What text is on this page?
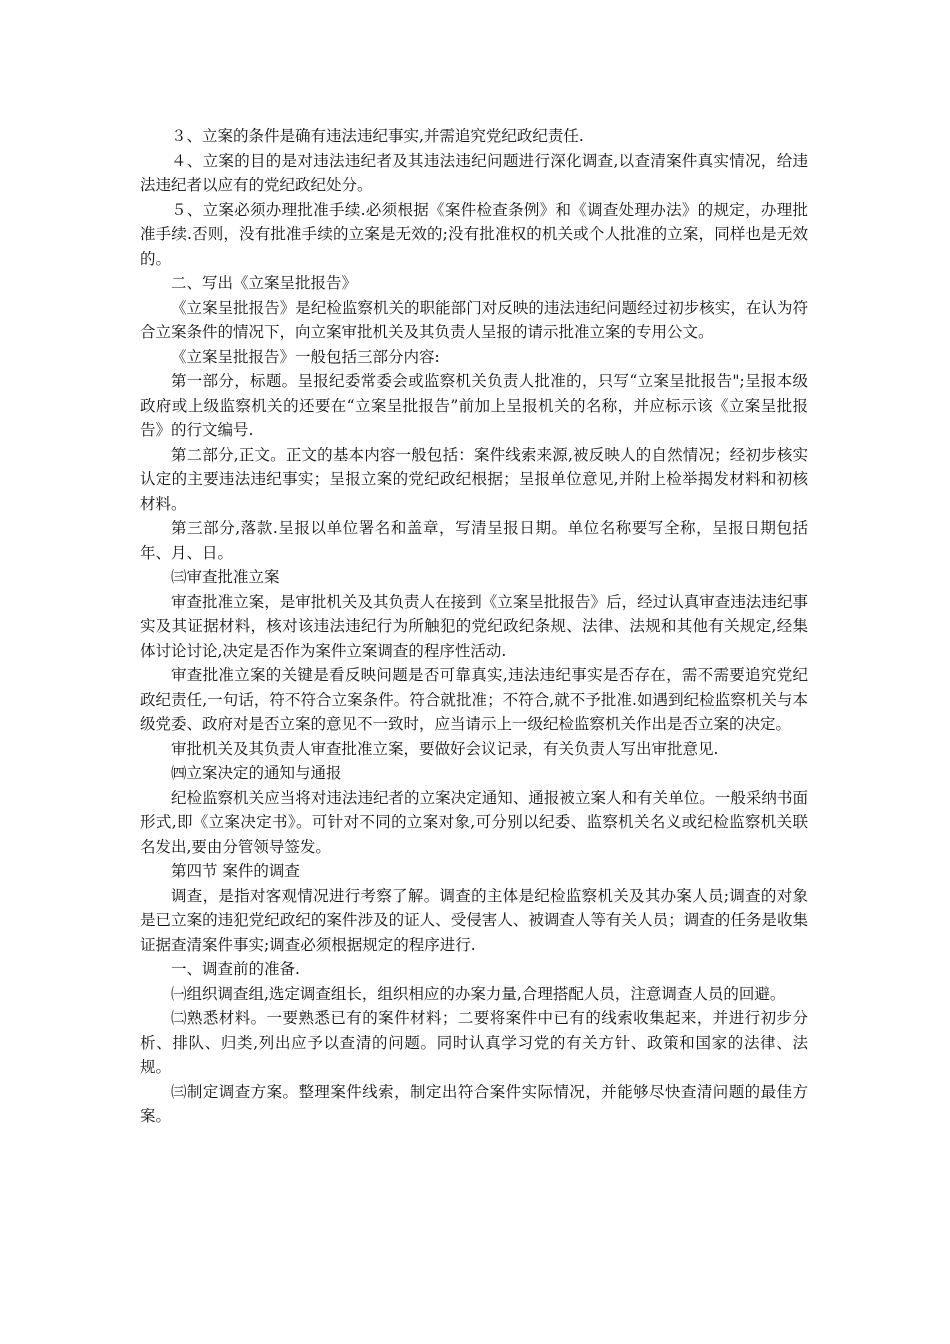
３、立案的条件是确有违法违纪事实,并需追究党纪政纪责任.

４、立案的目的是对违法违纪者及其违法违纪问题进行深化调查,以查清案件真实情况，给违法违纪者以应有的党纪政纪处分。

５、立案必须办理批准手续.必须根据《案件检查条例》和《调查处理办法》的规定，办理批准手续.否则，没有批准手续的立案是无效的;没有批准权的机关或个人批准的立案，同样也是无效的。

二、写出《立案呈批报告》

《立案呈批报告》是纪检监察机关的职能部门对反映的违法违纪问题经过初步核实，在认为符合立案条件的情况下，向立案审批机关及其负责人呈报的请示批准立案的专用公文。

《立案呈批报告》一般包括三部分内容:

第一部分，标题。呈报纪委常委会或监察机关负责人批准的，只写“立案呈批报告";呈报本级政府或上级监察机关的还要在“立案呈批报告”前加上呈报机关的名称，并应标示该《立案呈批报告》的行文编号.

第二部分,正文。正文的基本内容一般包括：案件线索来源,被反映人的自然情况；经初步核实认定的主要违法违纪事实；呈报立案的党纪政纪根据；呈报单位意见,并附上检举揭发材料和初核材料。

第三部分,落款.呈报以单位署名和盖章，写清呈报日期。单位名称要写全称，呈报日期包括年、月、日。

㈢审查批准立案

审查批准立案，是审批机关及其负责人在接到《立案呈批报告》后，经过认真审查违法违纪事实及其证据材料，核对该违法违纪行为所触犯的党纪政纪条规、法律、法规和其他有关规定,经集体讨论讨论,决定是否作为案件立案调查的程序性活动.

审查批准立案的关键是看反映问题是否可靠真实,违法违纪事实是否存在，需不需要追究党纪政纪责任,一句话，符不符合立案条件。符合就批准；不符合,就不予批准.如遇到纪检监察机关与本级党委、政府对是否立案的意见不一致时，应当请示上一级纪检监察机关作出是否立案的决定。

审批机关及其负责人审查批准立案，要做好会议记录，有关负责人写出审批意见.

㈣立案决定的通知与通报

纪检监察机关应当将对违法违纪者的立案决定通知、通报被立案人和有关单位。一般采纳书面形式,即《立案决定书》。可针对不同的立案对象,可分别以纪委、监察机关名义或纪检监察机关联名发出,要由分管领导签发。

第四节 案件的调查

调查，是指对客观情况进行考察了解。调查的主体是纪检监察机关及其办案人员;调查的对象是已立案的违犯党纪政纪的案件涉及的证人、受侵害人、被调查人等有关人员；调查的任务是收集证据查清案件事实;调查必须根据规定的程序进行.

一、调查前的准备.

㈠组织调查组,选定调查组长，组织相应的办案力量,合理搭配人员，注意调查人员的回避。

㈡熟悉材料。一要熟悉已有的案件材料；二要将案件中已有的线索收集起来，并进行初步分析、排队、归类,列出应予以查清的问题。同时认真学习党的有关方针、政策和国家的法律、法规。

㈢制定调查方案。整理案件线索，制定出符合案件实际情况，并能够尽快查清问题的最佳方案。
